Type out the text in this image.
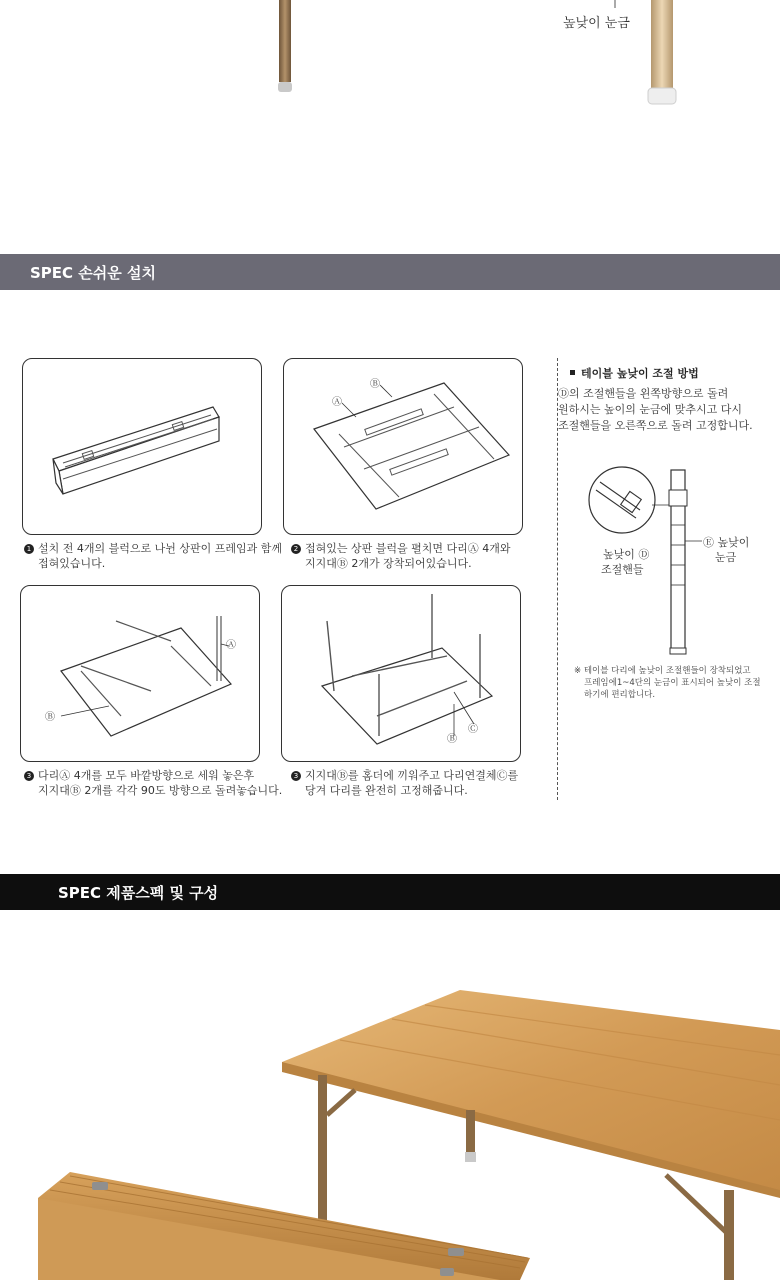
높낮이 눈금
SPEC 손쉬운 설치
1 설치 전 4개의 블럭으로 나뉜 상판이 프레임과 함께
접혀있습니다.
Ⓐ
Ⓑ
2 접혀있는 상판 블럭을 펼치면 다리Ⓐ 4개와
지지대Ⓑ 2개가 장착되어있습니다.
Ⓐ
Ⓑ
3 다리Ⓐ 4개를 모두 바깥방향으로 세워 놓은후
지지대Ⓑ 2개를 각각 90도 방향으로 돌려놓습니다.
Ⓑ
Ⓒ
3 지지대Ⓑ를 홈더에 끼워주고 다리연결체Ⓒ를
당겨 다리를 완전히 고정해줍니다.
테이블 높낮이 조절 방법
Ⓓ의 조절핸들을 왼쪽방향으로 돌려
원하시는 높이의 눈금에 맞추시고 다시
조절핸들을 오른쪽으로 돌려 고정합니다.
높낮이 Ⓓ
조절핸들
Ⓔ 높낮이
눈금
※ 테이블 다리에 높낮이 조절핸들이 장착되었고
프레임에1~4단의 눈금이 표시되어 높낮이 조절
하기에 편리합니다.
SPEC 제품스펙 및 구성
